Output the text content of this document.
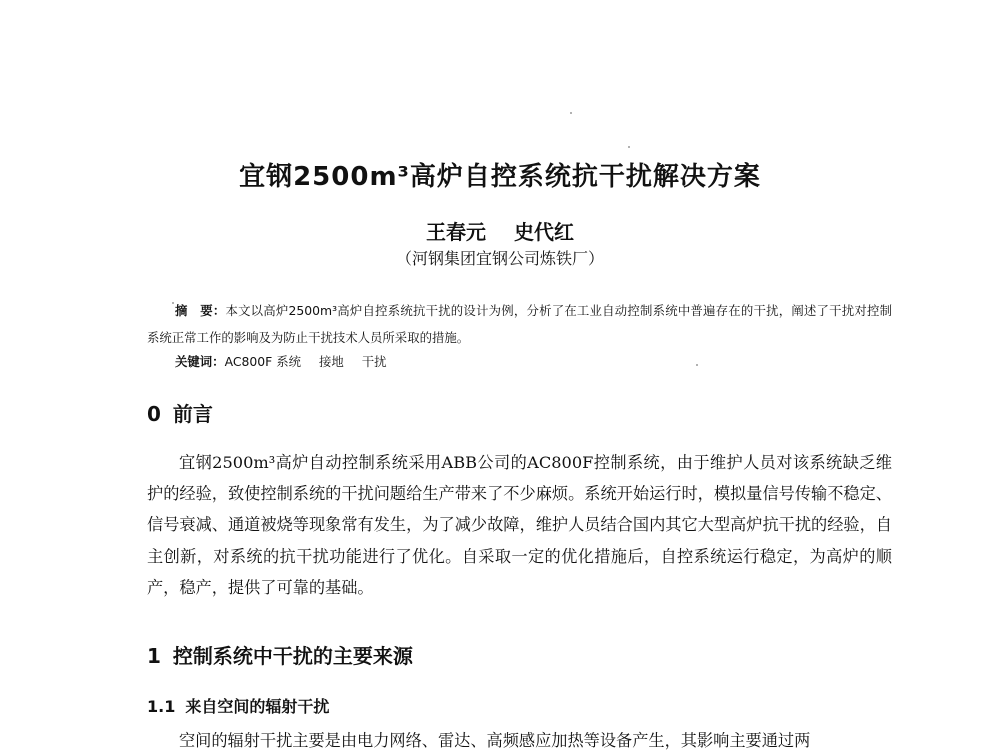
宜钢2500m³高炉自控系统抗干扰解决方案
王春元 史代红
（河钢集团宜钢公司炼铁厂）
摘　要：本文以高炉2500m³高炉自控系统抗干扰的设计为例，分析了在工业自动控制系统中普遍存在的干扰，阐述了干扰对控制系统正常工作的影响及为防止干扰技术人员所采取的措施。
关键词：AC800F 系统 接地 干扰
0 前言
宜钢2500m³高炉自动控制系统采用ABB公司的AC800F控制系统，由于维护人员对该系统缺乏维护的经验，致使控制系统的干扰问题给生产带来了不少麻烦。系统开始运行时，模拟量信号传输不稳定、信号衰减、通道被烧等现象常有发生，为了减少故障，维护人员结合国内其它大型高炉抗干扰的经验，自主创新，对系统的抗干扰功能进行了优化。自采取一定的优化措施后，自控系统运行稳定，为高炉的顺产，稳产，提供了可靠的基础。
1 控制系统中干扰的主要来源
1.1 来自空间的辐射干扰
空间的辐射干扰主要是由电力网络、雷达、高频感应加热等设备产生，其影响主要通过两
